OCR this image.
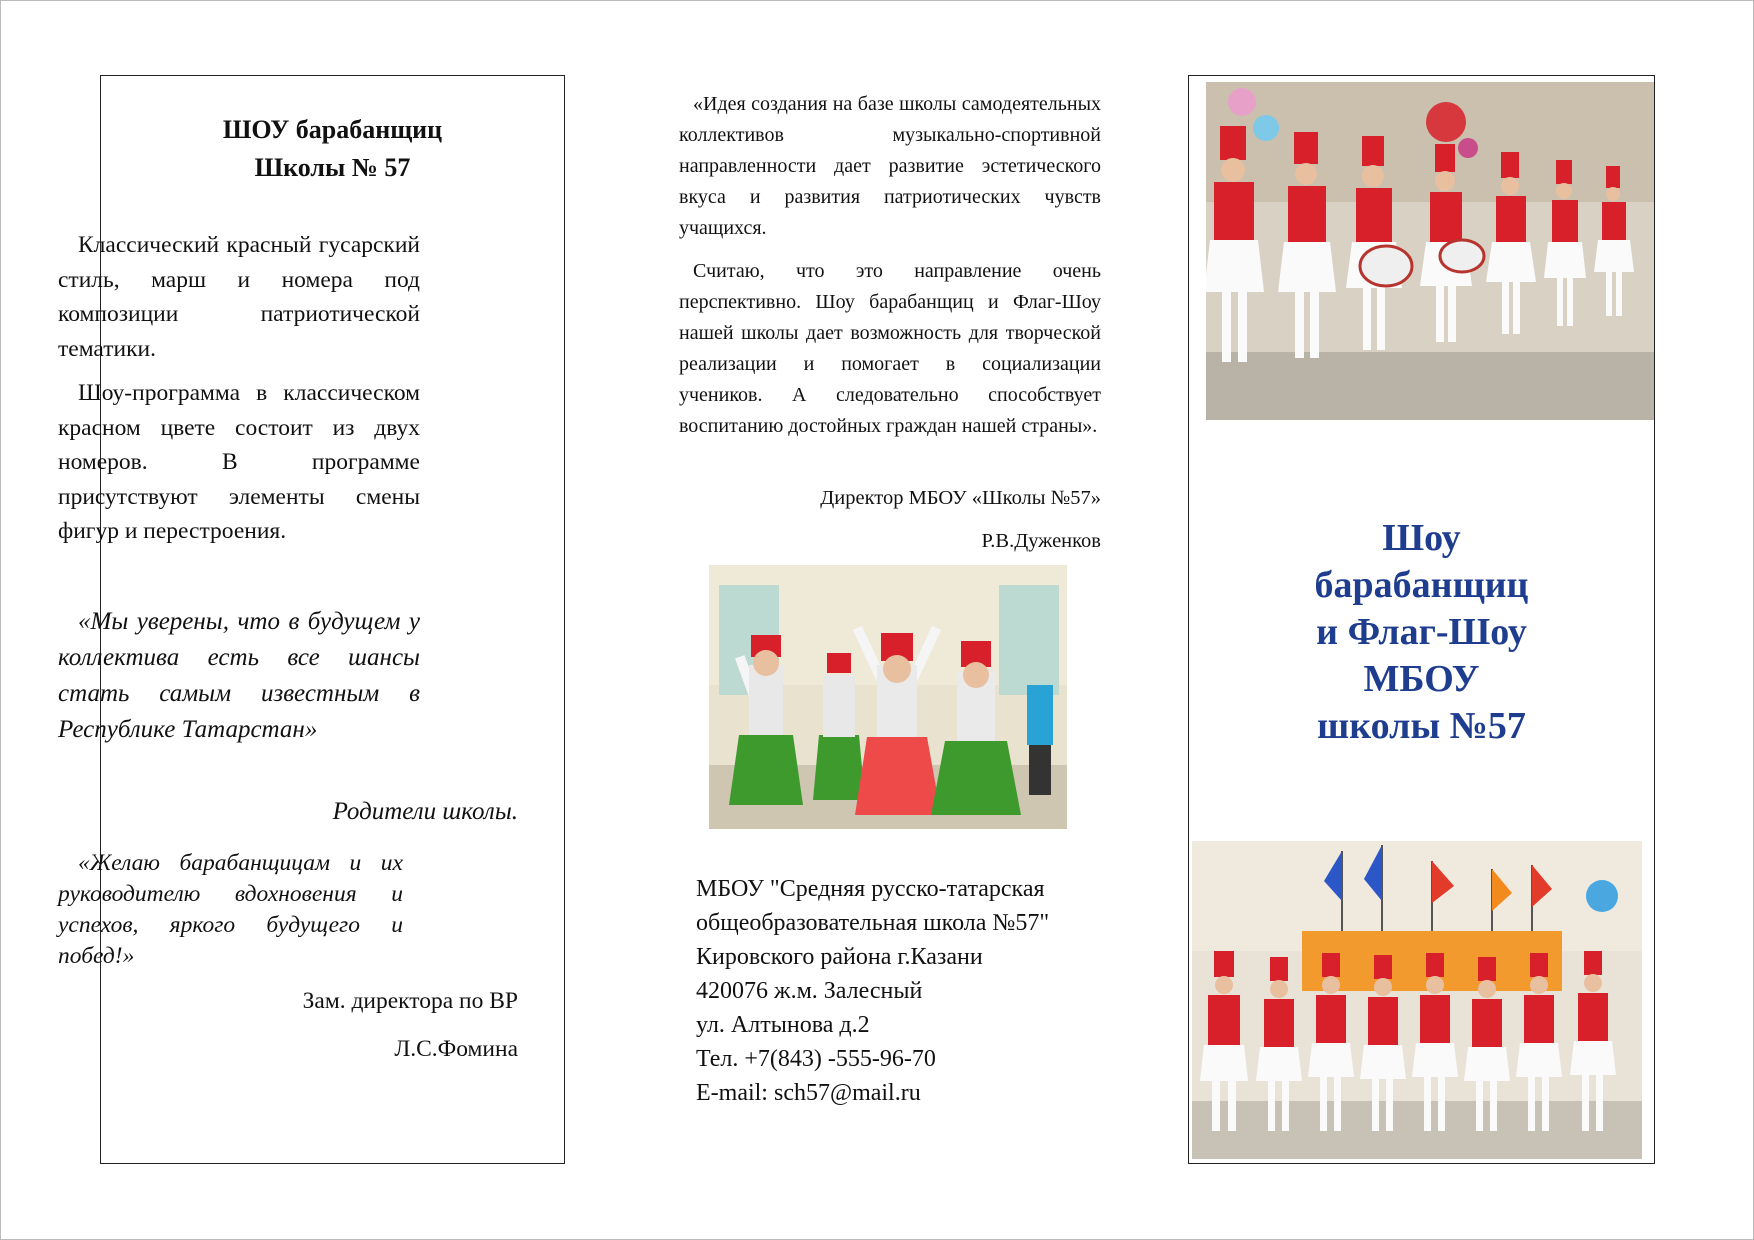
ШОУ барабанщиц
Школы № 57

Классический красный гусарский стиль, марш и номера под композиции патриотической тематики.

Шоу-программа в классическом красном цвете состоит из двух номеров. В программе присутствуют элементы смены фигур и перестроения.

«Мы уверены, что в будущем у коллектива есть все шансы стать самым известным в Республике Татарстан»

Родители школы.

«Желаю барабанщицам и их руководителю вдохновения и успехов, яркого будущего и побед!»

Зам. директора по ВР
Л.С.Фомина

«Идея создания на базе школы самодеятельных коллективов музыкально-спортивной направленности дает развитие эстетического вкуса и развития патриотических чувств учащихся.

Считаю, что это направление очень перспективно. Шоу барабанщиц и Флаг-Шоу нашей школы дает возможность для творческой реализации и помогает в социализации учеников. А следовательно способствует воспитанию достойных граждан нашей страны».

Директор МБОУ «Школы №57»
Р.В.Дуженков
МБОУ "Средняя русско-татарская
общеобразовательная школа №57"
Кировского района г.Казани
420076 ж.м. Залесный
ул. Алтынова д.2
Тел. +7(843) -555-96-70
E-mail: sch57@mail.ru
Шоу
барабанщиц
и Флаг-Шоу
МБОУ
школы №57
